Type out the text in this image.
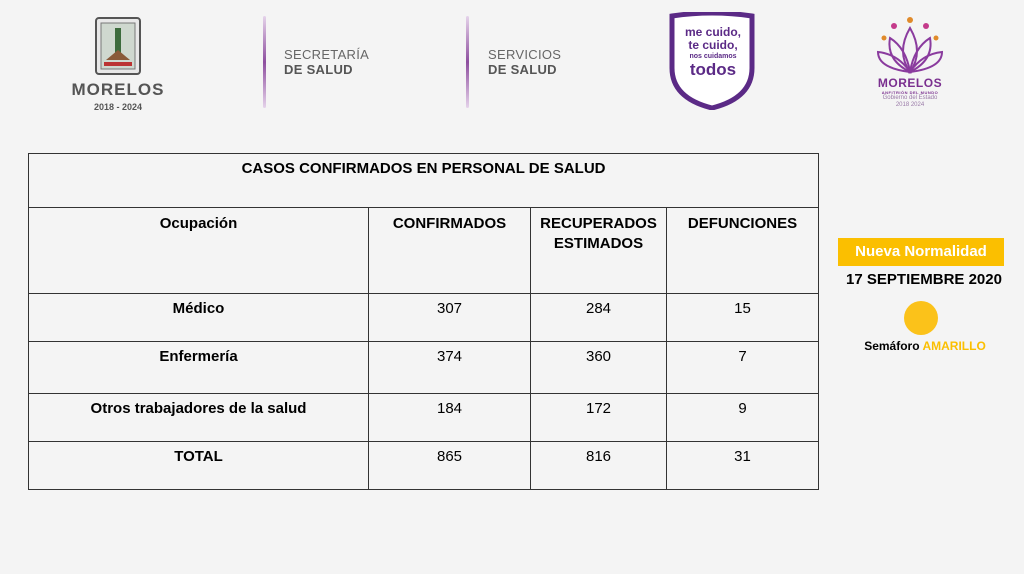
MORELOS
2018 - 2024
SECRETARÍA
DE SALUD
SERVICIOS
DE SALUD
me cuido,
te cuido,
nos cuidamos
todos
MORELOS
ANFITRIÓN DEL MUNDO
Gobierno del Estado
2018 2024
CASOS CONFIRMADOS EN PERSONAL DE SALUD			
Ocupación	CONFIRMADOS	RECUPERADOS ESTIMADOS	DEFUNCIONES
Médico	307	284	15
Enfermería	374	360	7
Otros trabajadores de la salud	184	172	9
TOTAL	865	816	31
Nueva Normalidad
17 SEPTIEMBRE 2020
Semáforo AMARILLO
